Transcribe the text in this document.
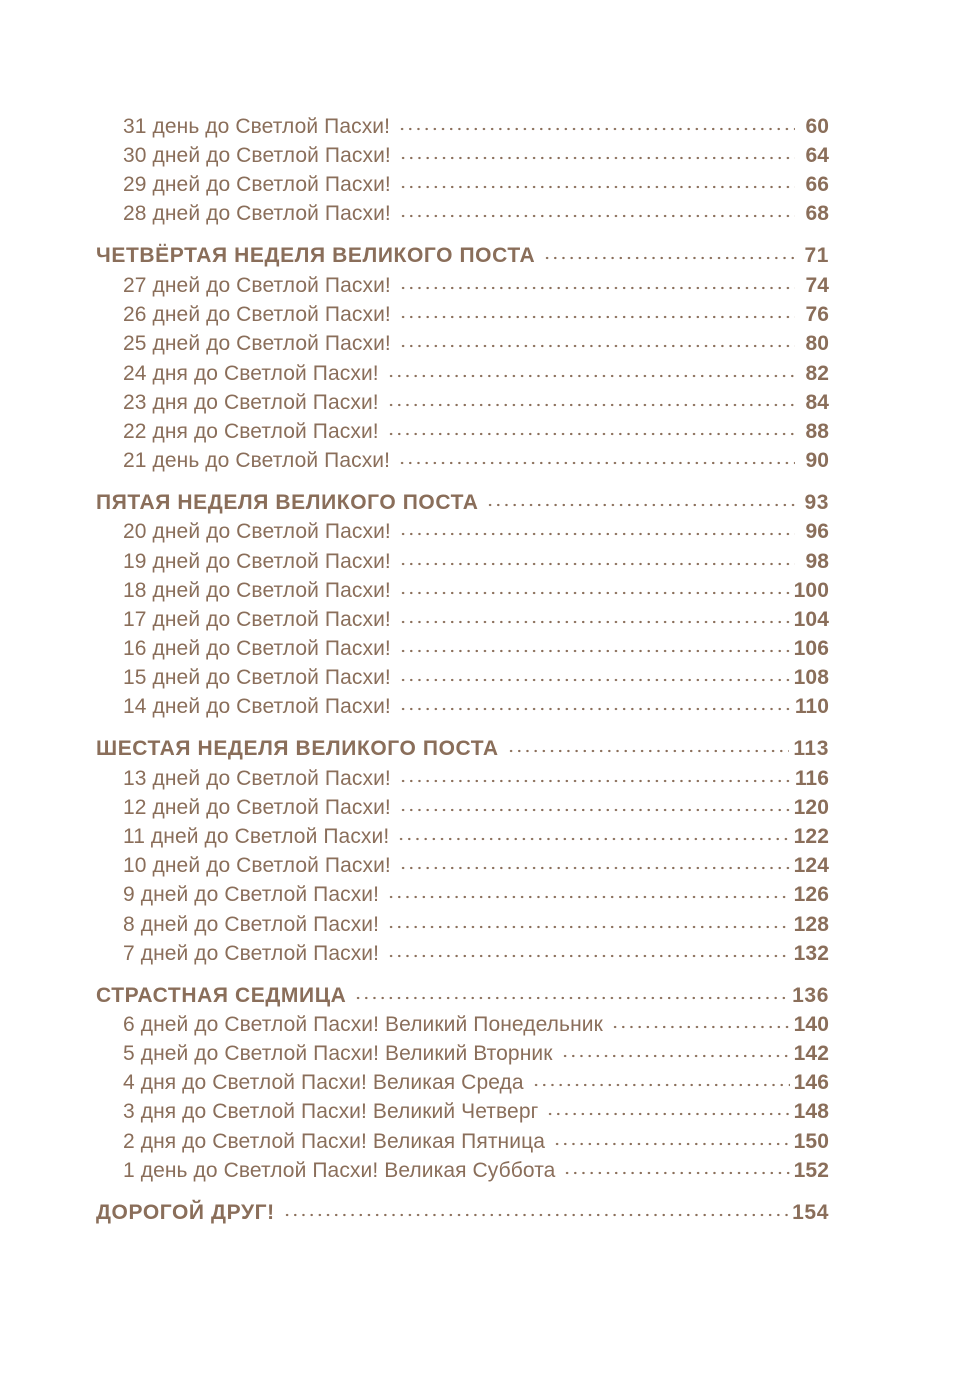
31 день до Светлой Пасхи!	60
30 дней до Светлой Пасхи!	64
29 дней до Светлой Пасхи!	66
28 дней до Светлой Пасхи!	68
ЧЕТВЁРТАЯ НЕДЕЛЯ ВЕЛИКОГО ПОСТА	71
27 дней до Светлой Пасхи!	74
26 дней до Светлой Пасхи!	76
25 дней до Светлой Пасхи!	80
24 дня до Светлой Пасхи!	82
23 дня до Светлой Пасхи!	84
22 дня до Светлой Пасхи!	88
21 день до Светлой Пасхи!	90
ПЯТАЯ НЕДЕЛЯ ВЕЛИКОГО ПОСТА	93
20 дней до Светлой Пасхи!	96
19 дней до Светлой Пасхи!	98
18 дней до Светлой Пасхи!	100
17 дней до Светлой Пасхи!	104
16 дней до Светлой Пасхи!	106
15 дней до Светлой Пасхи!	108
14 дней до Светлой Пасхи!	110
ШЕСТАЯ НЕДЕЛЯ ВЕЛИКОГО ПОСТА	113
13 дней до Светлой Пасхи!	116
12 дней до Светлой Пасхи!	120
11 дней до Светлой Пасхи!	122
10 дней до Светлой Пасхи!	124
9 дней до Светлой Пасхи!	126
8 дней до Светлой Пасхи!	128
7 дней до Светлой Пасхи!	132
СТРАСТНАЯ СЕДМИЦА	136
6 дней до Светлой Пасхи! Великий Понедельник	140
5 дней до Светлой Пасхи! Великий Вторник	142
4 дня до Светлой Пасхи! Великая Среда	146
3 дня до Светлой Пасхи! Великий Четверг	148
2 дня до Светлой Пасхи! Великая Пятница	150
1 день до Светлой Пасхи! Великая Суббота	152
ДОРОГОЙ ДРУГ!	154
